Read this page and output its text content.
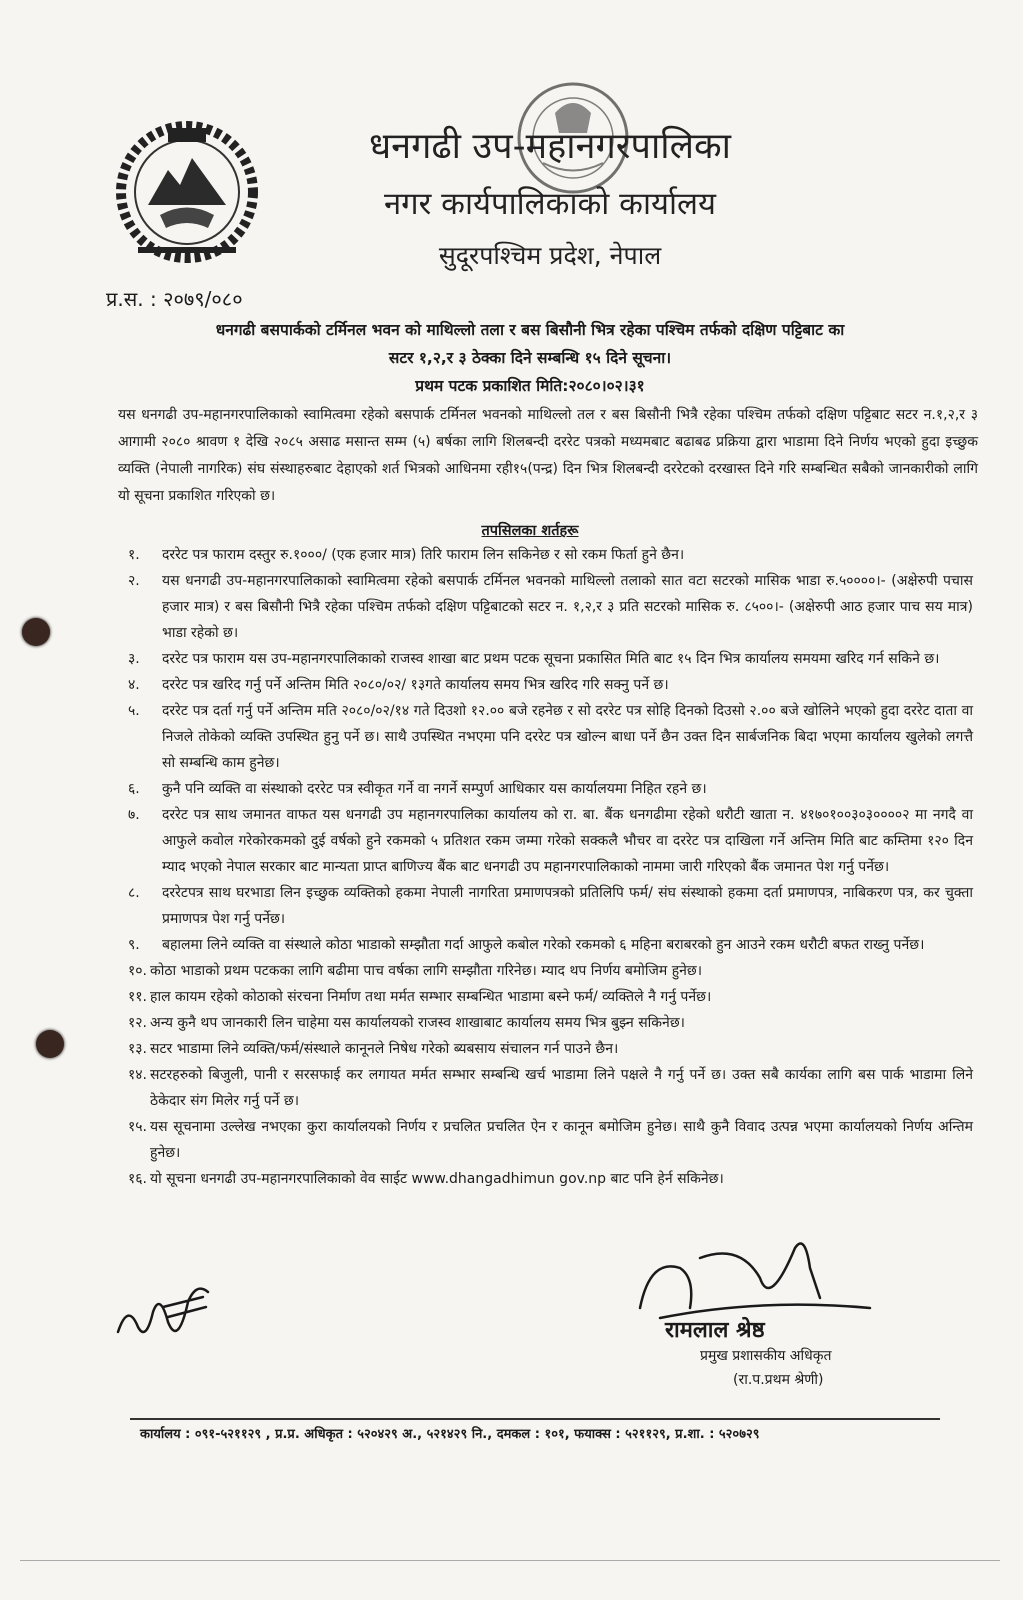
धनगढी उप-महानगरपालिका
नगर कार्यपालिकाको कार्यालय
सुदूरपश्चिम प्रदेश, नेपाल
प्र.स. : २०७९/०८०
धनगढी बसपार्कको टर्मिनल भवन को माथिल्लो तला र बस बिसौनी भित्र रहेका पश्चिम तर्फको दक्षिण पट्टिबाट का
सटर १,२,र ३ ठेक्का दिने सम्बन्धि १५ दिने सूचना।
प्रथम पटक प्रकाशित मिति:२०८०।०२।३१
यस धनगढी उप-महानगरपालिकाको स्वामित्वमा रहेको बसपार्क टर्मिनल भवनको माथिल्लो तल र बस बिसौनी भित्रै रहेका पश्चिम तर्फको दक्षिण पट्टिबाट सटर न.१,२,र ३ आगामी २०८० श्रावण १ देखि २०८५ असाढ मसान्त सम्म (५) बर्षका लागि शिलबन्दी दररेट पत्रको मध्यमबाट बढाबढ प्रक्रिया द्वारा भाडामा दिने निर्णय भएको हुदा इच्छुक व्यक्ति (नेपाली नागरिक) संघ संस्थाहरुबाट देहाएको शर्त भित्रको आधिनमा रही१५(पन्द्र) दिन भित्र शिलबन्दी दररेटको दरखास्त दिने गरि सम्बन्धित सबैको जानकारीको लागि यो सूचना प्रकाशित गरिएको छ।
तपसिलका शर्तहरू
१.	दररेट पत्र फाराम दस्तुर रु.१०००/ (एक हजार मात्र) तिरि फाराम लिन सकिनेछ र सो रकम फिर्ता हुने छैन।
२.	यस धनगढी उप-महानगरपालिकाको स्वामित्वमा रहेको बसपार्क टर्मिनल भवनको माथिल्लो तलाको सात वटा सटरको मासिक भाडा रु.५००००।- (अक्षेरुपी पचास हजार मात्र) र बस बिसौनी भित्रै रहेका पश्चिम तर्फको दक्षिण पट्टिबाटको सटर न. १,२,र ३ प्रति सटरको मासिक रु. ८५००।- (अक्षेरुपी आठ हजार पाच सय मात्र) भाडा रहेको छ।
३.	दररेट पत्र फाराम यस उप-महानगरपालिकाको राजस्व शाखा बाट प्रथम पटक सूचना प्रकासित मिति बाट १५ दिन भित्र कार्यालय समयमा खरिद गर्न सकिने छ।
४.	दररेट पत्र खरिद गर्नु पर्ने अन्तिम मिति २०८०/०२/ १३गते कार्यालय समय भित्र खरिद गरि सक्नु पर्ने छ।
५.	दररेट पत्र दर्ता गर्नु पर्ने अन्तिम मति २०८०/०२/१४ गते दिउशो १२.०० बजे रहनेछ र सो दररेट पत्र सोहि दिनको दिउसो २.०० बजे खोलिने भएको हुदा दररेट दाता वा निजले तोकेको व्यक्ति उपस्थित हुनु पर्ने छ। साथै उपस्थित नभएमा पनि दररेट पत्र खोल्न बाधा पर्ने छैन उक्त दिन सार्बजनिक बिदा भएमा कार्यालय खुलेको लगत्तै सो सम्बन्धि काम हुनेछ।
६.	कुनै पनि व्यक्ति वा संस्थाको दररेट पत्र स्वीकृत गर्ने वा नगर्ने सम्पुर्ण आधिकार यस कार्यालयमा निहित रहने छ।
७.	दररेट पत्र साथ जमानत वाफत यस धनगढी उप महानगरपालिका कार्यालय को रा. बा. बैंक धनगढीमा रहेको धरौटी खाता न. ४१७०१००३०३००००२ मा नगदै वा आफुले कवोल गरेकोरकमको दुई वर्षको हुने रकमको ५ प्रतिशत रकम जम्मा गरेको सक्कलै भौचर वा दररेट पत्र दाखिला गर्ने अन्तिम मिति बाट कम्तिमा १२० दिन म्याद भएको नेपाल सरकार बाट मान्यता प्राप्त बाणिज्य बैंक बाट धनगढी उप महानगरपालिकाको नाममा जारी गरिएको बैंक जमानत पेश गर्नु पर्नेछ।
८.	दररेटपत्र साथ घरभाडा लिन इच्छुक व्यक्तिको हकमा नेपाली नागरिता प्रमाणपत्रको प्रतिलिपि फर्म/ संघ संस्थाको हकमा दर्ता प्रमाणपत्र, नाबिकरण पत्र, कर चुक्ता प्रमाणपत्र पेश गर्नु पर्नेछ।
९.	बहालमा लिने व्यक्ति वा संस्थाले कोठा भाडाको सम्झौता गर्दा आफुले कबोल गरेको रकमको ६ महिना बराबरको हुन आउने रकम धरौटी बफत राख्नु पर्नेछ।
१०. कोठा भाडाको प्रथम पटकका लागि बढीमा पाच वर्षका लागि सम्झौता गरिनेछ। म्याद थप निर्णय बमोजिम हुनेछ।
११. हाल कायम रहेको कोठाको संरचना निर्माण तथा मर्मत सम्भार सम्बन्धित भाडामा बस्ने फर्म/ व्यक्तिले नै गर्नु पर्नेछ।
१२. अन्य कुनै थप जानकारी लिन चाहेमा यस कार्यालयको राजस्व शाखाबाट कार्यालय समय भित्र बुझ्न सकिनेछ।
१३. सटर भाडामा लिने व्यक्ति/फर्म/संस्थाले कानूनले निषेध गरेको ब्यबसाय संचालन गर्न पाउने छैन।
१४. सटरहरुको बिजुली, पानी र सरसफाई कर लगायत मर्मत सम्भार सम्बन्धि खर्च भाडामा लिने पक्षले नै गर्नु पर्ने छ। उक्त सबै कार्यका लागि बस पार्क भाडामा लिने ठेकेदार संग मिलेर गर्नु पर्ने छ।
१५. यस सूचनामा उल्लेख नभएका कुरा कार्यालयको निर्णय र प्रचलित प्रचलित ऐन र कानून बमोजिम हुनेछ। साथै कुनै विवाद उत्पन्न भएमा कार्यालयको निर्णय अन्तिम हुनेछ।
१६. यो सूचना धनगढी उप-महानगरपालिकाको वेव साईट www.dhangadhimun gov.np बाट पनि हेर्न सकिनेछ।
रामलाल श्रेष्ठ
प्रमुख प्रशासकीय अधिकृत
(रा.प.प्रथम श्रेणी)
कार्यालय : ०९१-५२११२९ , प्र.प्र. अधिकृत : ५२०४२९ अ., ५२१४२९ नि., दमकल : १०१, फयाक्स : ५२११२९, प्र.शा. : ५२०७२९
